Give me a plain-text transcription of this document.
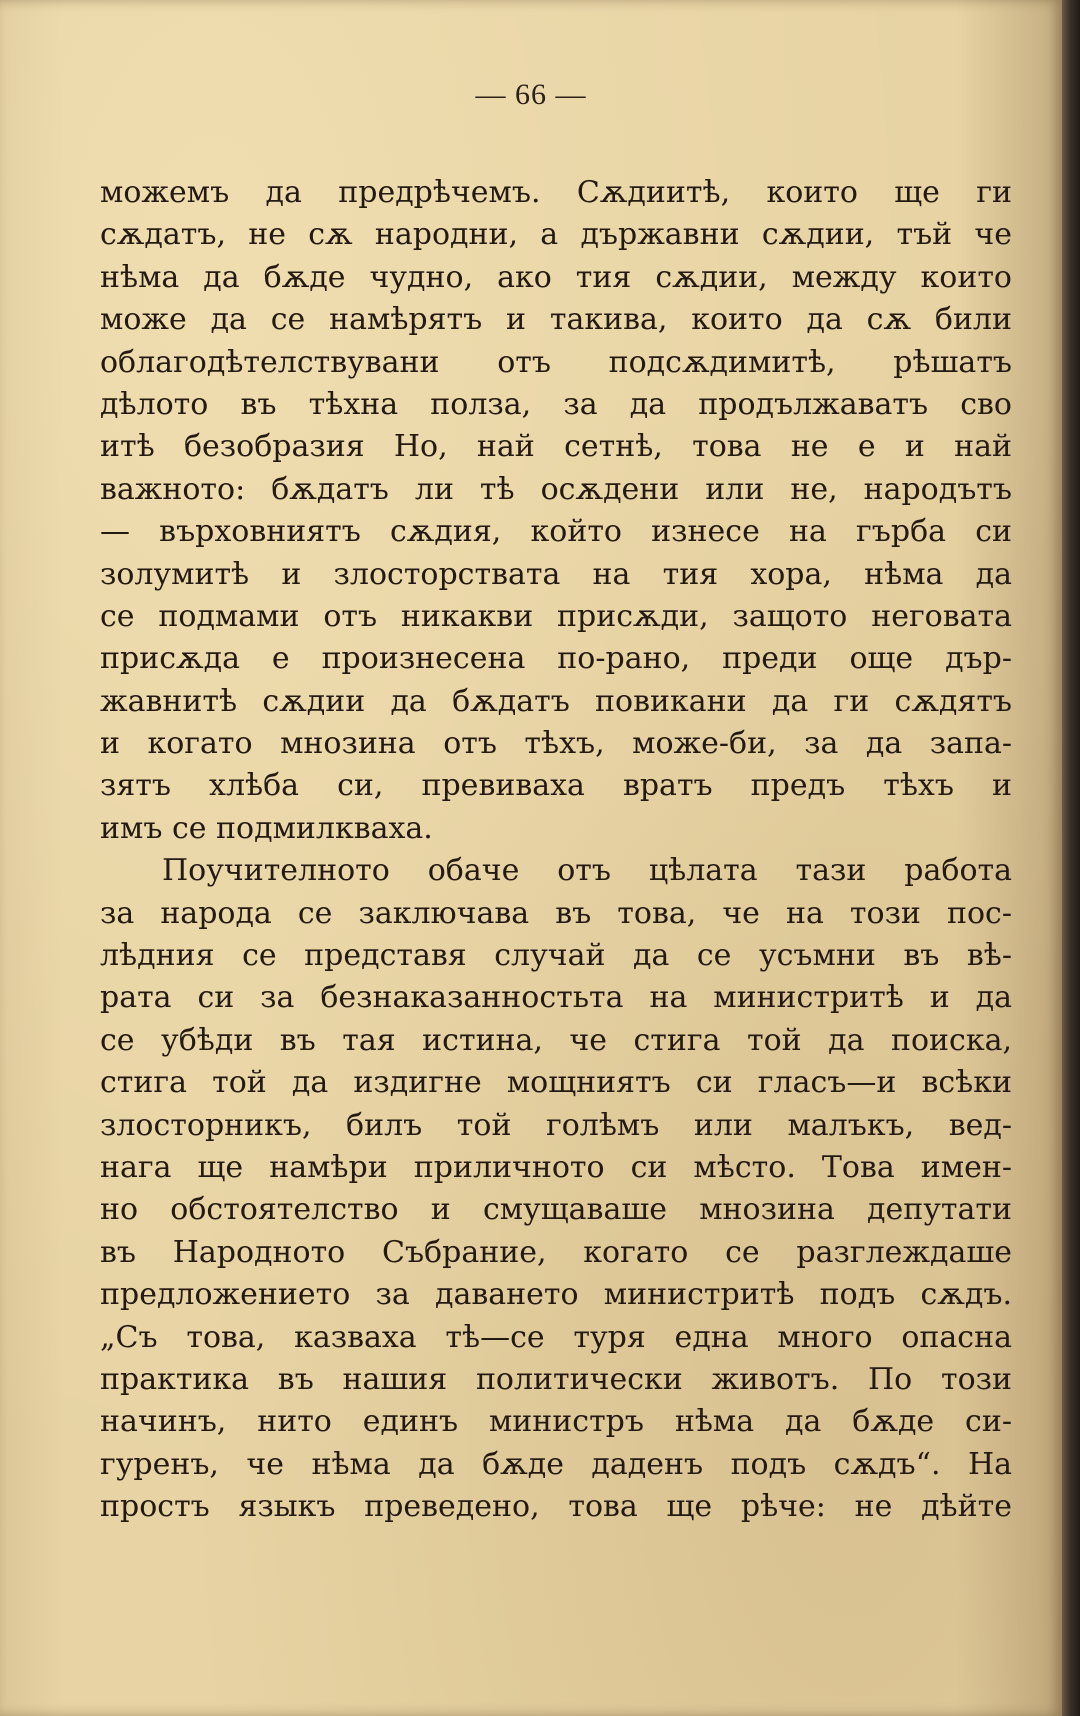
— 66 —
можемъ да предрѣчемъ. Сѫдиитѣ, които ще ги
сѫдатъ, не сѫ народни, а държавни сѫдии, тъй че
нѣма да бѫде чудно, ако тия сѫдии, между които
може да се намѣрятъ и такива, които да сѫ били
облагодѣтелствувани отъ подсѫдимитѣ, рѣшатъ
дѣлото въ тѣхна полза, за да продължаватъ сво
итѣ безобразия Но, най сетнѣ, това не е и най
важното: бѫдатъ ли тѣ осѫдени или не, народътъ
— върховниятъ сѫдия, който изнесе на гърба си
золумитѣ и злосторствата на тия хора, нѣма да
се подмами отъ никакви присѫди, защото неговата
присѫда е произнесена по-рано, преди още дър-
жавнитѣ сѫдии да бѫдатъ повикани да ги сѫдятъ
и когато мнозина отъ тѣхъ, може-би, за да запа-
зятъ хлѣба си, превиваха вратъ предъ тѣхъ и
имъ се подмилкваха.
Поучителното обаче отъ цѣлата тази работа
за народа се заключава въ това, че на този пос-
лѣдния се представя случай да се усъмни въ вѣ-
рата си за безнаказанностьта на министритѣ и да
се убѣди въ тая истина, че стига той да поиска,
стига той да издигне мощниятъ си гласъ—и всѣки
злосторникъ, билъ той голѣмъ или малъкъ, вед-
нага ще намѣри приличното си мѣсто. Това имен-
но обстоятелство и смущаваше мнозина депутати
въ Народното Събрание, когато се разглеждаше
предложението за даването министритѣ подъ сѫдъ.
„Съ това, казваха тѣ—се туря една много опасна
практика въ нашия политически животъ. По този
начинъ, нито единъ министръ нѣма да бѫде си-
гуренъ, че нѣма да бѫде даденъ подъ сѫдъ“. На
простъ языкъ преведено, това ще рѣче: не дѣйте
